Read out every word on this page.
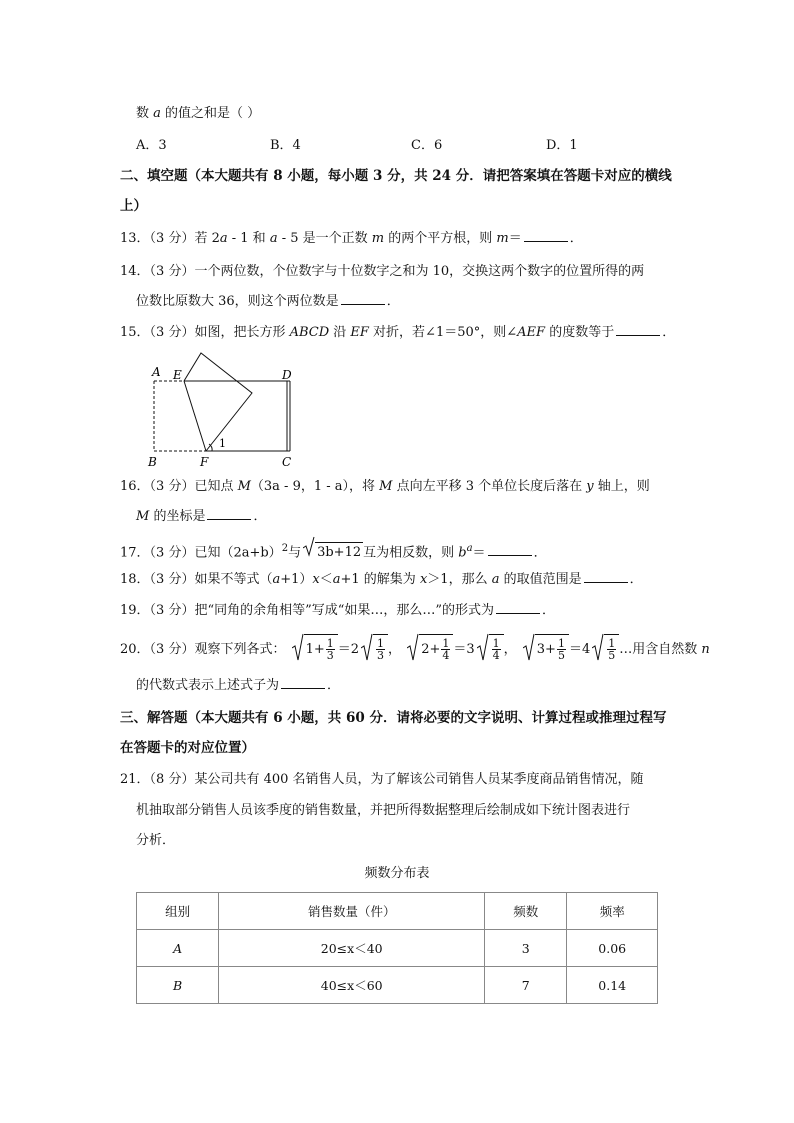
数 a 的值之和是（ ）
A．3	B．4	C．6	D．1
二、填空题（本大题共有 8 小题，每小题 3 分，共 24 分．请把答案填在答题卡对应的横线
上）
13．（3 分）若 2a - 1 和 a - 5 是一个正数 m 的两个平方根，则 m＝	．
14．（3 分）一个两位数，个位数字与十位数字之和为 10，交换这两个数字的位置所得的两
位数比原数大 36，则这个两位数是	．
15．（3 分）如图，把长方形 ABCD 沿 EF 对折，若∠1＝50°，则∠AEF 的度数等于	．
A E	D
B	F	C
1
16．（3 分）已知点 M（3a - 9，1 - a），将 M 点向左平移 3 个单位长度后落在 y 轴上，则
M 的坐标是	．
17．（3 分）已知$(2a+b)^2$与 3b+12 互为相反数，则 $b^a=$	．
18．（3 分）如果不等式（a+1）x＜a+1 的解集为 x＞1，那么 a 的取值范围是	．
19．（3 分）把“同角的余角相等”写成“如果…，那么…”的形式为	．
20．（3 分）观察下列各式： $1+ \frac{1}{3} =2 \frac{1}{3}$ ，
$2+ \frac{1}{4} =3 \frac{1}{4}$ ，
$3+ \frac{1}{5} =4 \frac{1}{5}$ …用含自然数 n
的代数式表示上述式子为	．
三、解答题（本大题共有 6 小题，共 60 分．请将必要的文字说明、计算过程或推理过程写
在答题卡的对应位置）
21．（8 分）某公司共有 400 名销售人员，为了解该公司销售人员某季度商品销售情况，随
机抽取部分销售人员该季度的销售数量，并把所得数据整理后绘制成如下统计图表进行
分析．
频数分布表
组别	销售数量（件）	频数	频率
A	20≤x＜40	3	0.06
B	40≤x＜60	7	0.14
